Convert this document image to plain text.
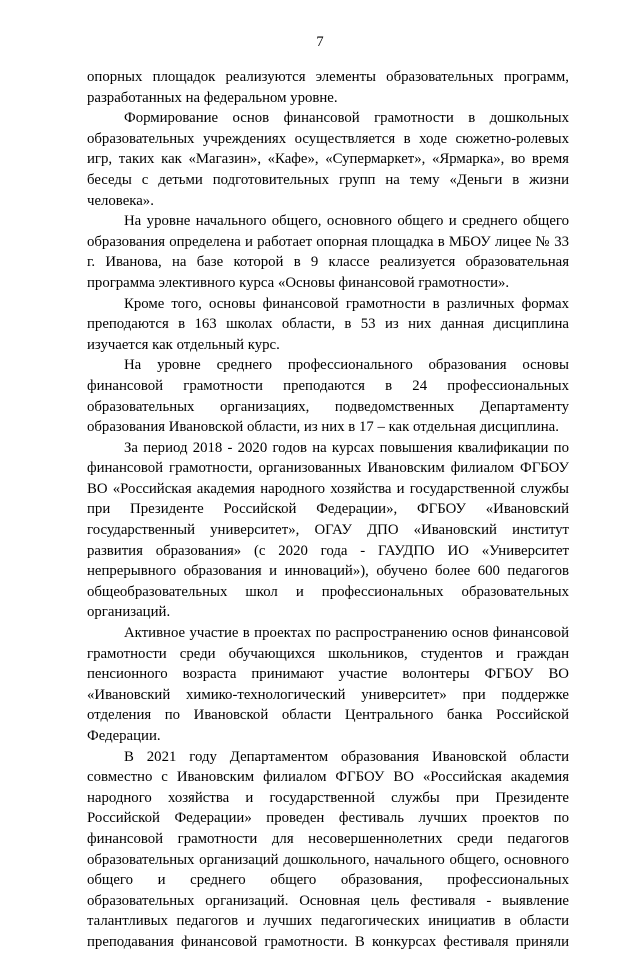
7

опорных площадок реализуются элементы образовательных программ, разработанных на федеральном уровне.

Формирование основ финансовой грамотности в дошкольных образовательных учреждениях осуществляется в ходе сюжетно-ролевых игр, таких как «Магазин», «Кафе», «Супермаркет», «Ярмарка», во время беседы с детьми подготовительных групп на тему «Деньги в жизни человека».

На уровне начального общего, основного общего и среднего общего образования определена и работает опорная площадка в МБОУ лицее № 33 г. Иванова, на базе которой в 9 классе реализуется образовательная программа элективного курса «Основы финансовой грамотности».

Кроме того, основы финансовой грамотности в различных формах преподаются в 163 школах области, в 53 из них данная дисциплина изучается как отдельный курс.

На уровне среднего профессионального образования основы финансовой грамотности преподаются в 24 профессиональных образовательных организациях, подведомственных Департаменту образования Ивановской области, из них в 17 – как отдельная дисциплина.

За период 2018 - 2020 годов на курсах повышения квалификации по финансовой грамотности, организованных Ивановским филиалом ФГБОУ ВО «Российская академия народного хозяйства и государственной службы при Президенте Российской Федерации», ФГБОУ «Ивановский государственный университет», ОГАУ ДПО «Ивановский институт развития образования» (с 2020 года - ГАУДПО ИО «Университет непрерывного образования и инноваций»), обучено более 600 педагогов общеобразовательных школ и профессиональных образовательных организаций.

Активное участие в проектах по распространению основ финансовой грамотности среди обучающихся школьников, студентов и граждан пенсионного возраста принимают участие волонтеры ФГБОУ ВО «Ивановский химико-технологический университет» при поддержке отделения по Ивановской области Центрального банка Российской Федерации.

В 2021 году Департаментом образования Ивановской области совместно с Ивановским филиалом ФГБОУ ВО «Российская академия народного хозяйства и государственной службы при Президенте Российской Федерации» проведен фестиваль лучших проектов по финансовой грамотности для несовершеннолетних среди педагогов образовательных организаций дошкольного, начального общего, основного общего и среднего общего образования, профессиональных образовательных организаций. Основная цель фестиваля - выявление талантливых педагогов и лучших педагогических инициатив в области преподавания финансовой грамотности. В конкурсах фестиваля приняли
